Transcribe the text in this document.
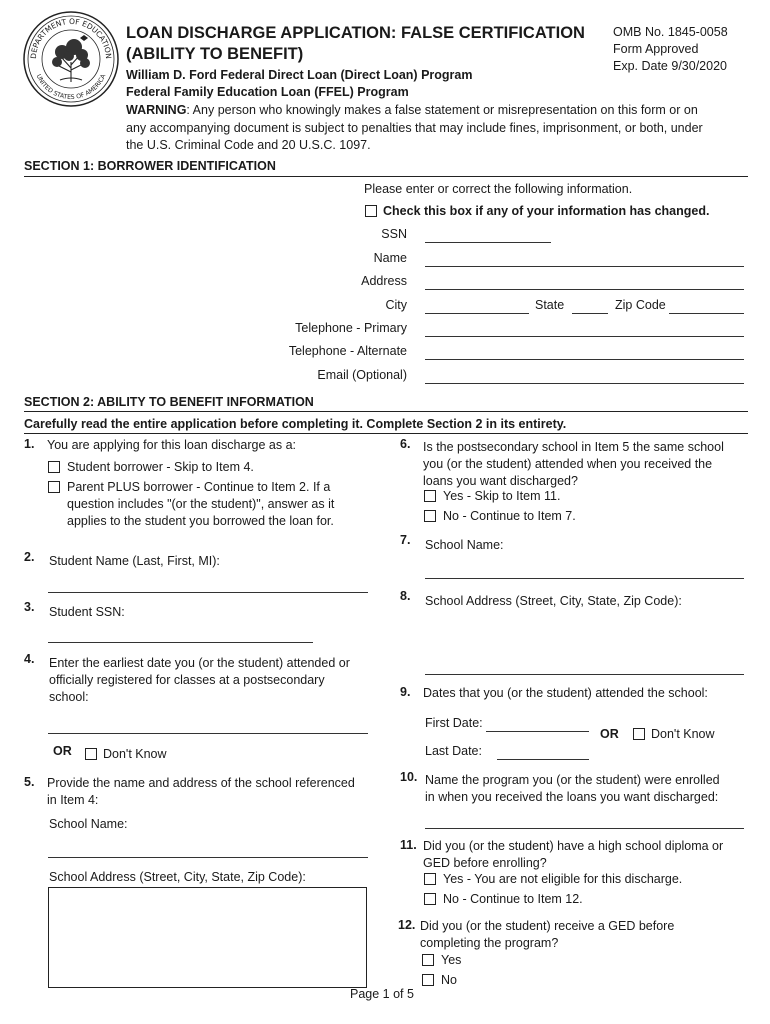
DEPARTMENT OF EDUCATION
UNITED STATES OF AMERICA
LOAN DISCHARGE APPLICATION: FALSE CERTIFICATION
(ABILITY TO BENEFIT)
William D. Ford Federal Direct Loan (Direct Loan) Program
Federal Family Education Loan (FFEL) Program
WARNING: Any person who knowingly makes a false statement or misrepresentation on this form or on
any accompanying document is subject to penalties that may include fines, imprisonment, or both, under
the U.S. Criminal Code and 20 U.S.C. 1097.
OMB No. 1845-0058
Form Approved
Exp. Date 9/30/2020
SECTION 1: BORROWER IDENTIFICATION
Please enter or correct the following information.
Check this box if any of your information has changed.
SSN
Name
Address
City	State	Zip Code
Telephone - Primary
Telephone - Alternate
Email (Optional)
SECTION 2: ABILITY TO BENEFIT INFORMATION
Carefully read the entire application before completing it. Complete Section 2 in its entirety.
1. You are applying for this loan discharge as a:
Student borrower - Skip to Item 4.
Parent PLUS borrower - Continue to Item 2. If a
question includes "(or the student)", answer as it
applies to the student you borrowed the loan for.
2. Student Name (Last, First, MI):
3. Student SSN:
4. Enter the earliest date you (or the student) attended or
officially registered for classes at a postsecondary
school:
OR	Don't Know
5. Provide the name and address of the school referenced
in Item 4:
School Name:
School Address (Street, City, State, Zip Code):
6. Is the postsecondary school in Item 5 the same school
you (or the student) attended when you received the
loans you want discharged?
Yes - Skip to Item 11.
No - Continue to Item 7.
7. School Name:
8. School Address (Street, City, State, Zip Code):
9. Dates that you (or the student) attended the school:
First Date:
OR	Don't Know
Last Date:
10. Name the program you (or the student) were enrolled
in when you received the loans you want discharged:
11. Did you (or the student) have a high school diploma or
GED before enrolling?
Yes - You are not eligible for this discharge.
No - Continue to Item 12.
12. Did you (or the student) receive a GED before
completing the program?
Yes
No
Page 1 of 5
